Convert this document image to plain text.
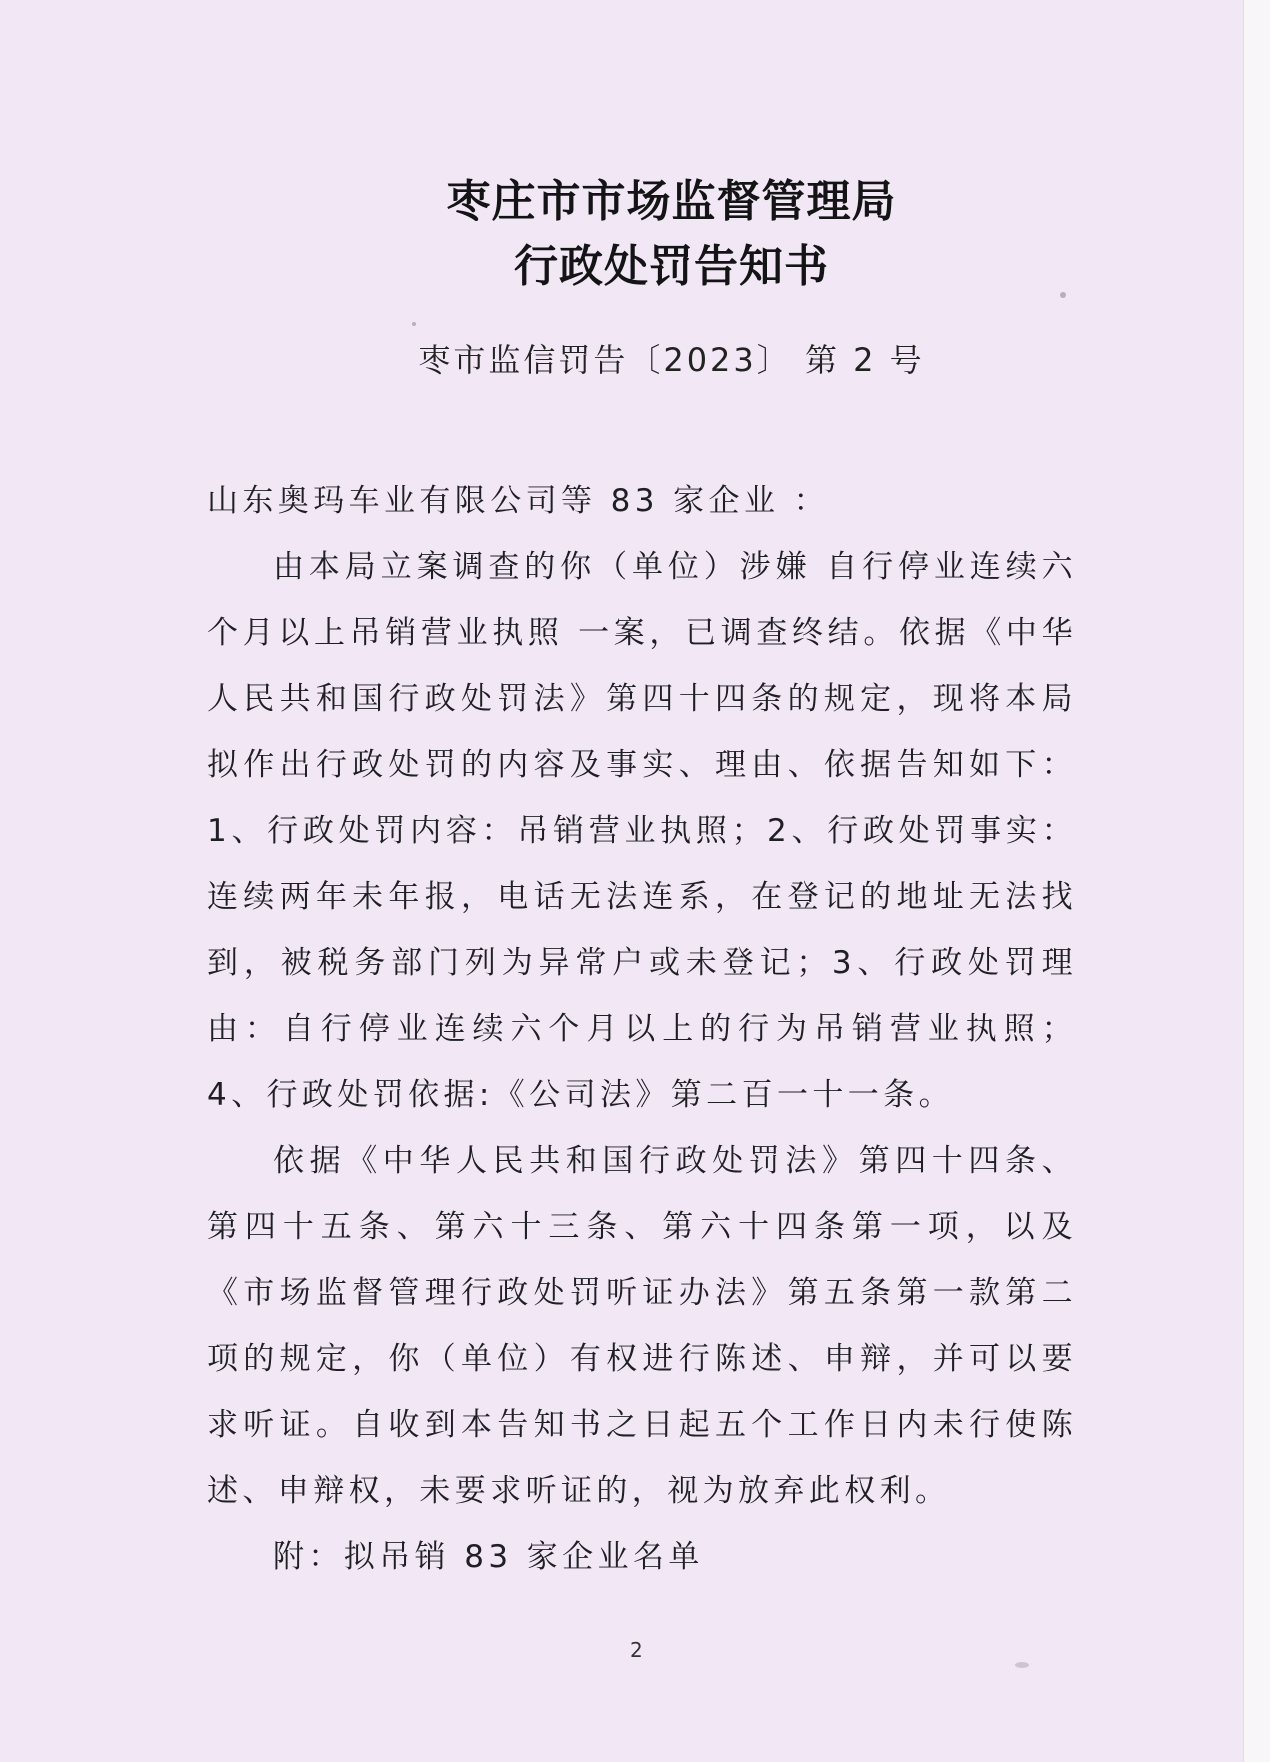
枣庄市市场监督管理局
行政处罚告知书
枣市监信罚告〔2023〕 第 2 号
山东奥玛车业有限公司等 83 家企业 ：
由本局立案调查的你（单位）涉嫌 自行停业连续六个月以上吊销营业执照 一案，已调查终结。依据《中华人民共和国行政处罚法》第四十四条的规定，现将本局拟作出行政处罚的内容及事实、理由、依据告知如下：1、行政处罚内容：吊销营业执照；2、行政处罚事实：连续两年未年报，电话无法连系，在登记的地址无法找到，被税务部门列为异常户或未登记；3、行政处罚理由：自行停业连续六个月以上的行为吊销营业执照；4、行政处罚依据:《公司法》第二百一十一条。
依据《中华人民共和国行政处罚法》第四十四条、第四十五条、第六十三条、第六十四条第一项，以及《市场监督管理行政处罚听证办法》第五条第一款第二项的规定，你（单位）有权进行陈述、申辩，并可以要求听证。自收到本告知书之日起五个工作日内未行使陈述、申辩权，未要求听证的，视为放弃此权利。
附：拟吊销 83 家企业名单
2
